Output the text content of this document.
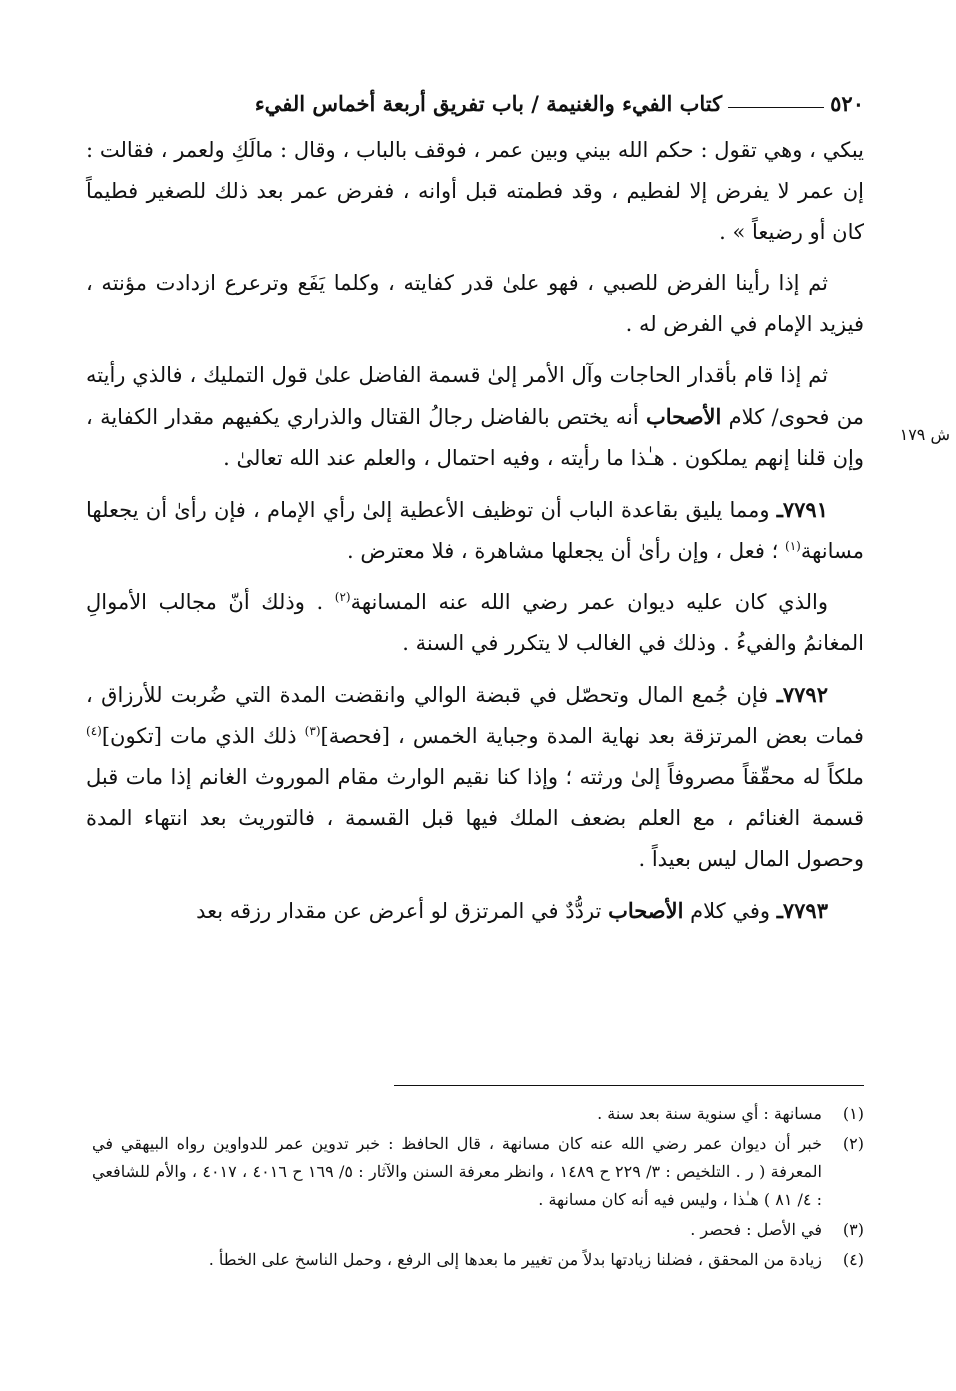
٥٢٠
كتاب الفيء والغنيمة / باب تفريق أربعة أخماس الفيء
ش ١٧٩

يبكي ، وهي تقول : حكم الله بيني وبين عمر ، فوقف بالباب ، وقال : مالَكِ ولعمر ، فقالت : إن عمر لا يفرض إلا لفطيم ، وقد فطمته قبل أوانه ، ففرض عمر بعد ذلك للصغير فطيماً كان أو رضيعاً » .

ثم إذا رأينا الفرض للصبي ، فهو علىٰ قدر كفايته ، وكلما يَفَع وترعرع ازدادت مؤنته ، فيزيد الإمام في الفرض له .

ثم إذا قام بأقدار الحاجات وآل الأمر إلىٰ قسمة الفاضل علىٰ قول التمليك ، فالذي رأيته من فحوى/ كلام الأصحاب أنه يختص بالفاضل رجالُ القتال والذراري يكفيهم مقدار الكفاية ، وإن قلنا إنهم يملكون . هـٰذا ما رأيته ، وفيه احتمال ، والعلم عند الله تعالىٰ .

٧٧٩١ـ ومما يليق بقاعدة الباب أن توظيف الأعطية إلىٰ رأي الإمام ، فإن رأىٰ أن يجعلها مسانهة$^{(١)}$ ؛ فعل ، وإن رأىٰ أن يجعلها مشاهرة ، فلا معترض .

والذي كان عليه ديوان عمر رضي الله عنه المسانهة$^{(٢)}$ . وذلك أنّ مجالب الأموالِ المغانمُ والفيءُ . وذلك في الغالب لا يتكرر في السنة .

٧٧٩٢ـ فإن جُمع المال وتحصّل في قبضة الوالي وانقضت المدة التي ضُربت للأرزاق ، فمات بعض المرتزقة بعد نهاية المدة وجباية الخمس ، [فحصة]$^{(٣)}$ ذلك الذي مات [تكون]$^{(٤)}$ ملكاً له محقّقاً مصروفاً إلىٰ ورثته ؛ وإذا كنا نقيم الوارث مقام الموروث الغانم إذا مات قبل قسمة الغنائم ، مع العلم بضعف الملك فيها قبل القسمة ، فالتوريث بعد انتهاء المدة وحصول المال ليس بعيداً .

٧٧٩٣ـ وفي كلام الأصحاب تردُّدٌ في المرتزق لو أعرض عن مقدار رزقه بعد

(١)
مسانهة : أي سنوية سنة بعد سنة .
(٢)
خبر أن ديوان عمر رضي الله عنه كان مسانهة ، قال الحافظ : خبر تدوين عمر للدواوين رواه البيهقي في المعرفة ( ر . التلخيص : ٣/ ٢٢٩ ح ١٤٨٩ ، وانظر معرفة السنن والآثار : ٥/ ١٦٩ ح ٤٠١٦ ، ٤٠١٧ ، والأم للشافعي : ٤/ ٨١ ) هـٰذا ، وليس فيه أنه كان مسانهة .
(٣)
في الأصل : فحصر .
(٤)
زيادة من المحقق ، فضلنا زيادتها بدلاً من تغيير ما بعدها إلى الرفع ، وحمل الناسخ على الخطأ .
